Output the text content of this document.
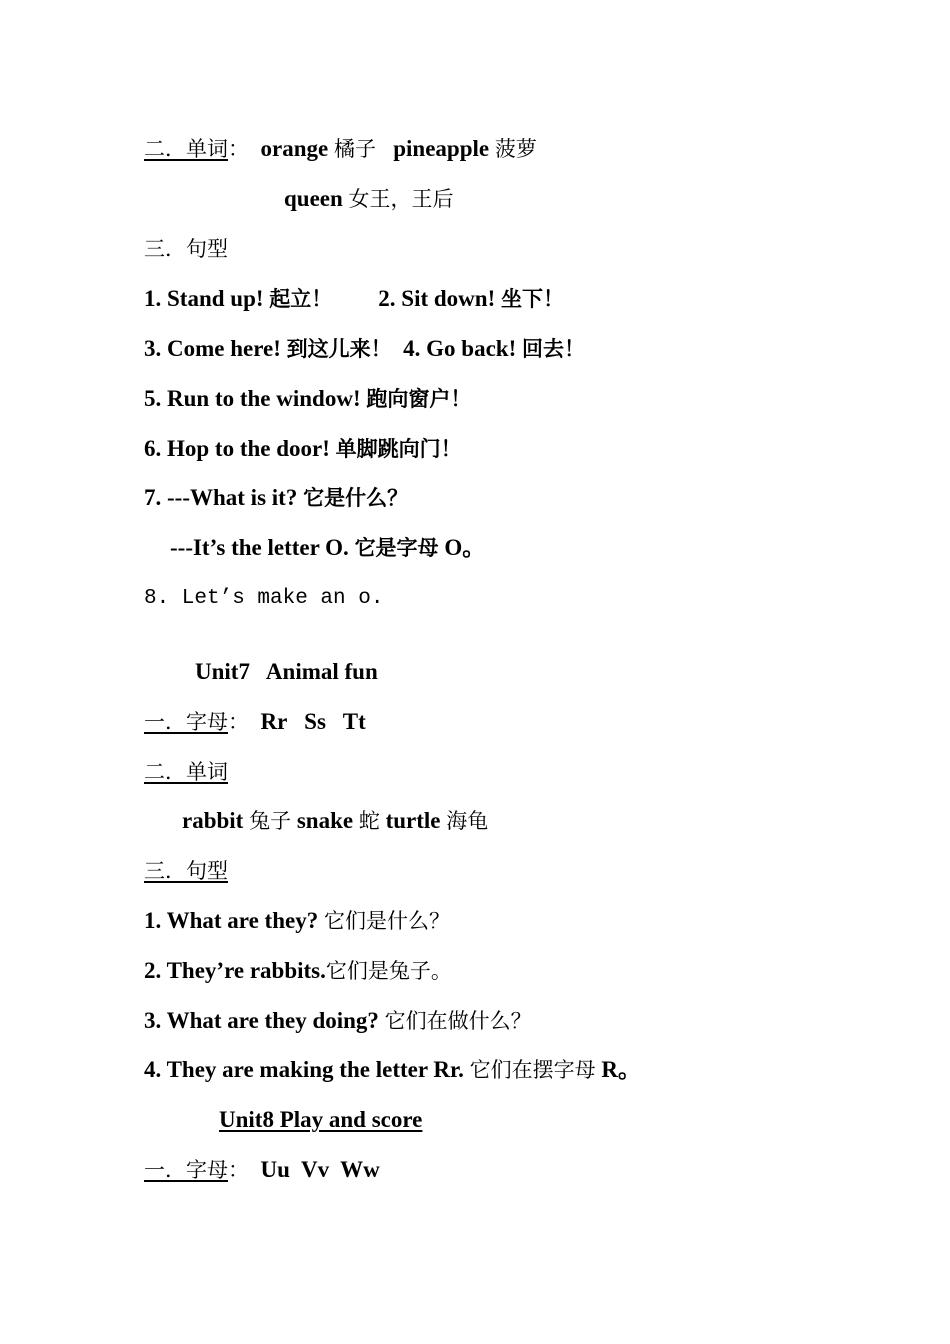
二．单词： orange 橘子 pineapple 菠萝
queen 女王，王后
三．句型
1. Stand up! 起立！ 2. Sit down! 坐下！
3. Come here! 到这儿来！ 4. Go back! 回去！
5. Run to the window! 跑向窗户！
6. Hop to the door! 单脚跳向门！
7. ---What is it? 它是什么？
---It’s the letter O. 它是字母 O。
8. Let’s make an o.
Unit7   Animal fun
一．字母： Rr   Ss   Tt
二．单词
rabbit 兔子 snake 蛇 turtle 海龟
三．句型
1. What are they? 它们是什么？
2. They’re rabbits.它们是兔子。
3. What are they doing? 它们在做什么？
4. They are making the letter Rr. 它们在摆字母 R。
Unit8 Play and score
一．字母： Uu  Vv  Ww
